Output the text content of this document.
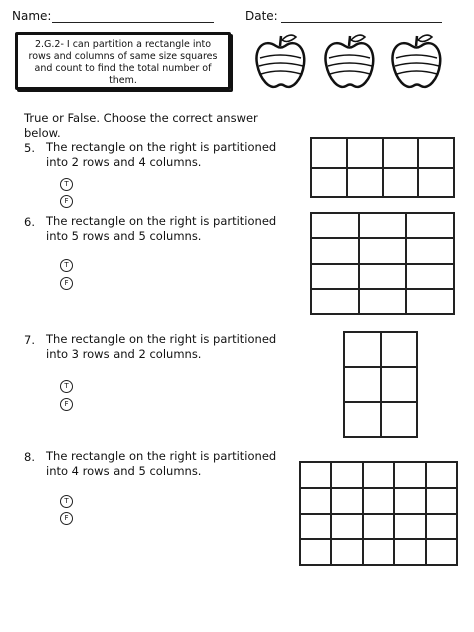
Name:	Date:
2.G.2- I can partition a rectangle into rows and columns of same size squares and count to find the total number of them.
True or False. Choose the correct answer below.
5. The rectangle on the right is partitioned
into 2 rows and 4 columns.
T
F
6. The rectangle on the right is partitioned
into 5 rows and 5 columns.
T
F
7. The rectangle on the right is partitioned
into 3 rows and 2 columns.
T
F
8. The rectangle on the right is partitioned
into 4 rows and 5 columns.
T
F
